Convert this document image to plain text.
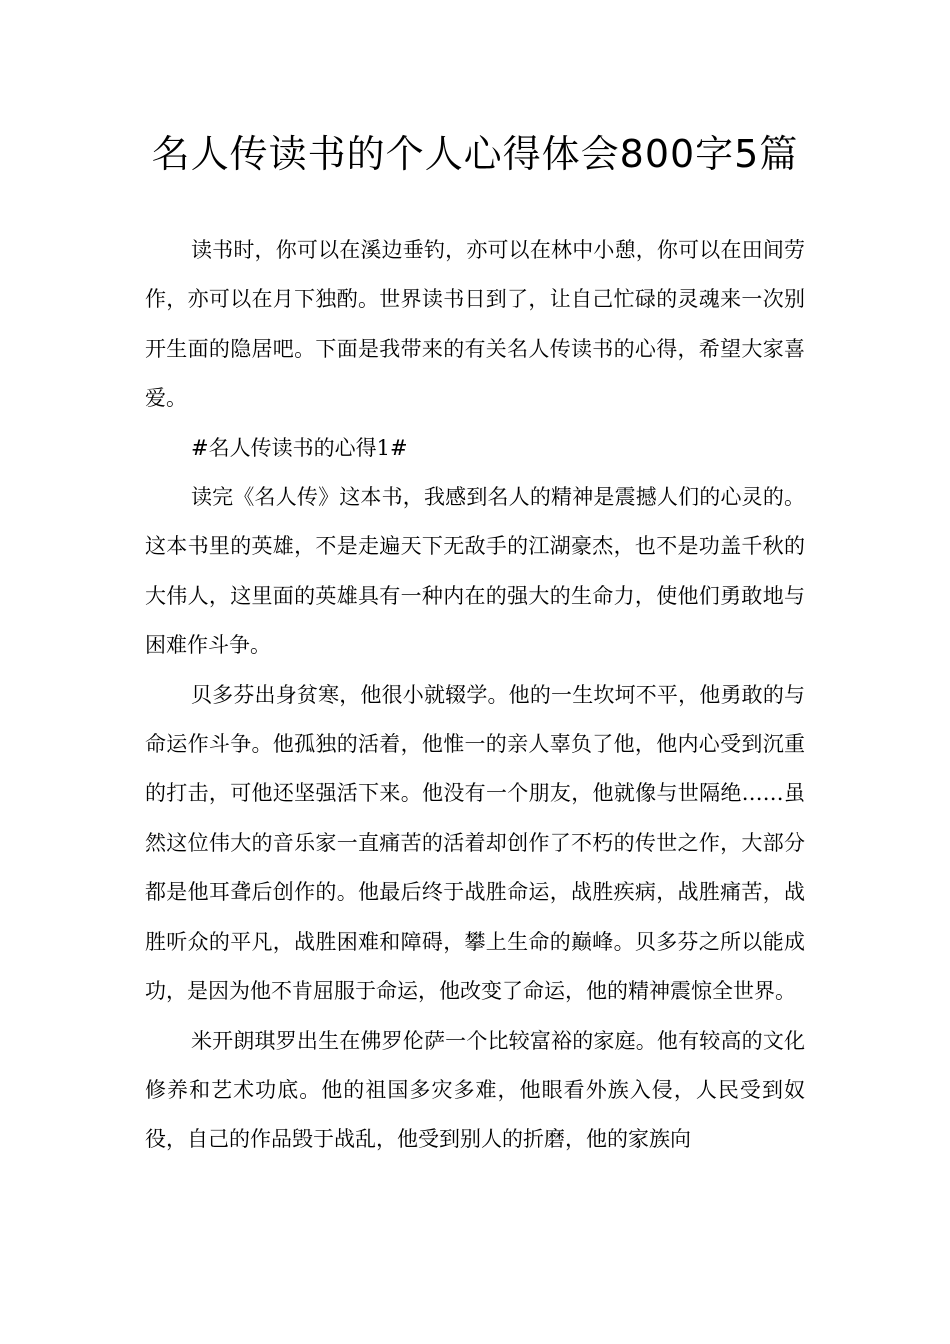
名人传读书的个人心得体会800字5篇

读书时，你可以在溪边垂钓，亦可以在林中小憩，你可以在田间劳作，亦可以在月下独酌。世界读书日到了，让自己忙碌的灵魂来一次别开生面的隐居吧。下面是我带来的有关名人传读书的心得，希望大家喜爱。

#名人传读书的心得1#

读完《名人传》这本书，我感到名人的精神是震撼人们的心灵的。这本书里的英雄，不是走遍天下无敌手的江湖豪杰，也不是功盖千秋的大伟人，这里面的英雄具有一种内在的强大的生命力，使他们勇敢地与困难作斗争。

贝多芬出身贫寒，他很小就辍学。他的一生坎坷不平，他勇敢的与命运作斗争。他孤独的活着，他惟一的亲人辜负了他，他内心受到沉重的打击，可他还坚强活下来。他没有一个朋友，他就像与世隔绝……虽然这位伟大的音乐家一直痛苦的活着却创作了不朽的传世之作，大部分都是他耳聋后创作的。他最后终于战胜命运，战胜疾病，战胜痛苦，战胜听众的平凡，战胜困难和障碍，攀上生命的巅峰。贝多芬之所以能成功，是因为他不肯屈服于命运，他改变了命运，他的精神震惊全世界。

米开朗琪罗出生在佛罗伦萨一个比较富裕的家庭。他有较高的文化修养和艺术功底。他的祖国多灾多难，他眼看外族入侵，人民受到奴役，自己的作品毁于战乱，他受到别人的折磨，他的家族向
